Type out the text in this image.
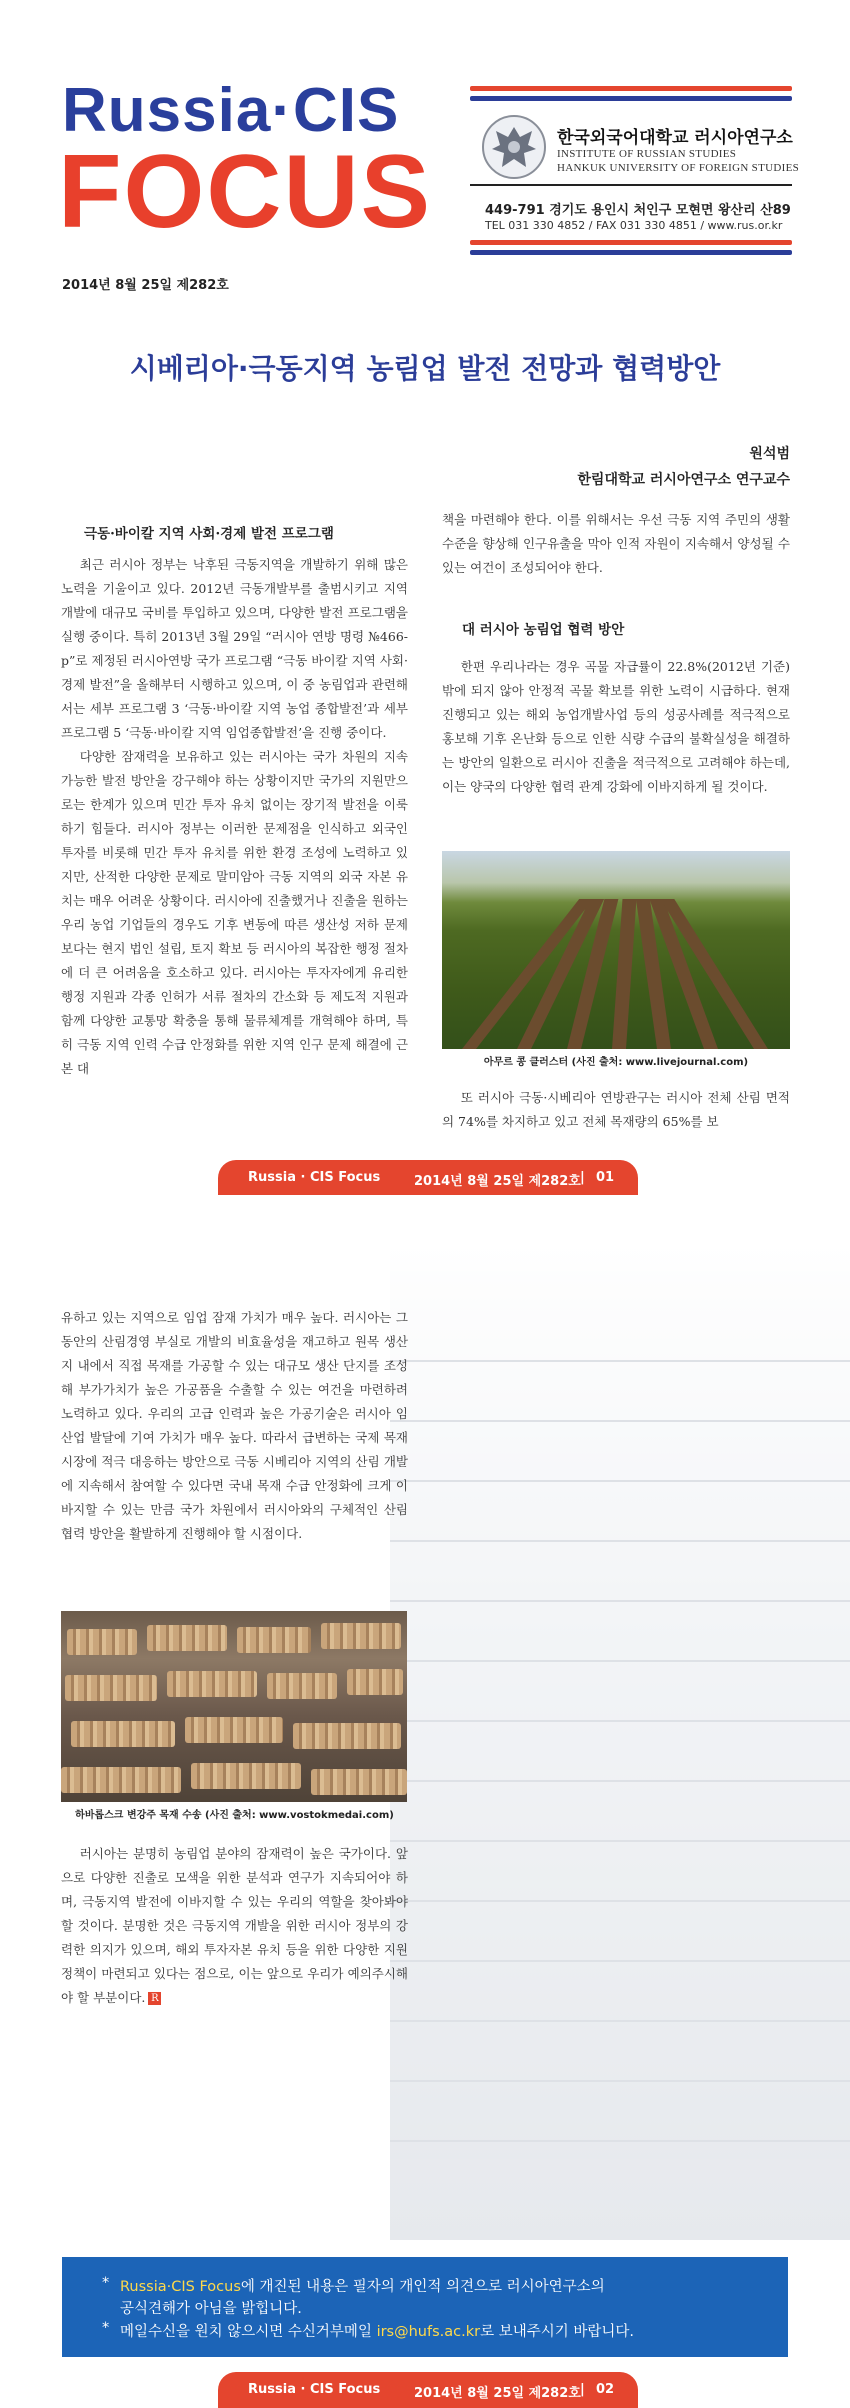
Russia·CIS
FOCUS
2014년 8월 25일 제282호
한국외국어대학교 러시아연구소
INSTITUTE OF RUSSIAN STUDIES
HANKUK UNIVERSITY OF FOREIGN STUDIES
449-791 경기도 용인시 처인구 모현면 왕산리 산89
TEL 031 330 4852 / FAX 031 330 4851 / www.rus.or.kr
시베리아·극동지역 농림업 발전 전망과 협력방안
원석범
한림대학교 러시아연구소 연구교수
극동·바이칼 지역 사회·경제 발전 프로그램

최근 러시아 정부는 낙후된 극동지역을 개발하기 위해 많은 노력을 기울이고 있다. 2012년 극동개발부를 출범시키고 지역 개발에 대규모 국비를 투입하고 있으며, 다양한 발전 프로그램을 실행 중이다. 특히 2013년 3월 29일 “러시아 연방 명령 №466-р”로 제정된 러시아연방 국가 프로그램 “극동 바이칼 지역 사회·경제 발전”을 올해부터 시행하고 있으며, 이 중 농림업과 관련해서는 세부 프로그램 3 ‘극동·바이칼 지역 농업 종합발전’과 세부 프로그램 5 ‘극동·바이칼 지역 임업종합발전’을 진행 중이다.

다양한 잠재력을 보유하고 있는 러시아는 국가 차원의 지속 가능한 발전 방안을 강구해야 하는 상황이지만 국가의 지원만으로는 한계가 있으며 민간 투자 유치 없이는 장기적 발전을 이룩하기 힘들다. 러시아 정부는 이러한 문제점을 인식하고 외국인 투자를 비롯해 민간 투자 유치를 위한 환경 조성에 노력하고 있지만, 산적한 다양한 문제로 말미암아 극동 지역의 외국 자본 유치는 매우 어려운 상황이다. 러시아에 진출했거나 진출을 원하는 우리 농업 기업들의 경우도 기후 변동에 따른 생산성 저하 문제보다는 현지 법인 설립, 토지 확보 등 러시아의 복잡한 행정 절차에 더 큰 어려움을 호소하고 있다. 러시아는 투자자에게 유리한 행정 지원과 각종 인허가 서류 절차의 간소화 등 제도적 지원과 함께 다양한 교통망 확충을 통해 물류체계를 개혁해야 하며, 특히 극동 지역 인력 수급 안정화를 위한 지역 인구 문제 해결에 근본 대

책을 마련해야 한다. 이를 위해서는 우선 극동 지역 주민의 생활 수준을 향상해 인구유출을 막아 인적 자원이 지속해서 양성될 수 있는 여건이 조성되어야 한다.

대 러시아 농림업 협력 방안

한편 우리나라는 경우 곡물 자급률이 22.8%(2012년 기준)밖에 되지 않아 안정적 곡물 확보를 위한 노력이 시급하다. 현재 진행되고 있는 해외 농업개발사업 등의 성공사례를 적극적으로 홍보해 기후 온난화 등으로 인한 식량 수급의 불확실성을 해결하는 방안의 일환으로 러시아 진출을 적극적으로 고려해야 하는데, 이는 양국의 다양한 협력 관계 강화에 이바지하게 될 것이다.

아무르 콩 클러스터 (사진 출처: www.livejournal.com)

또 러시아 극동·시베리아 연방관구는 러시아 전체 산림 면적의 74%를 차지하고 있고 전체 목재량의 65%를 보

Russia · CIS Focus	2014년 8월 25일 제282호 | 01

유하고 있는 지역으로 임업 잠재 가치가 매우 높다. 러시아는 그동안의 산림경영 부실로 개발의 비효율성을 재고하고 원목 생산지 내에서 직접 목재를 가공할 수 있는 대규모 생산 단지를 조성해 부가가치가 높은 가공품을 수출할 수 있는 여건을 마련하려 노력하고 있다. 우리의 고급 인력과 높은 가공기술은 러시아 임산업 발달에 기여 가치가 매우 높다. 따라서 급변하는 국제 목재시장에 적극 대응하는 방안으로 극동 시베리아 지역의 산림 개발에 지속해서 참여할 수 있다면 국내 목재 수급 안정화에 크게 이바지할 수 있는 만큼 국가 차원에서 러시아와의 구체적인 산림 협력 방안을 활발하게 진행해야 할 시점이다.

하바롭스크 변강주 목재 수송 (사진 출처: www.vostokmedai.com)

러시아는 분명히 농림업 분야의 잠재력이 높은 국가이다. 앞으로 다양한 진출로 모색을 위한 분석과 연구가 지속되어야 하며, 극동지역 발전에 이바지할 수 있는 우리의 역할을 찾아봐야 할 것이다. 분명한 것은 극동지역 개발을 위한 러시아 정부의 강력한 의지가 있으며, 해외 투자자본 유치 등을 위한 다양한 지원정책이 마련되고 있다는 점으로, 이는 앞으로 우리가 예의주시해야 할 부분이다. R

* Russia·CIS Focus에 개진된 내용은 필자의 개인적 의견으로 러시아연구소의
공식견해가 아님을 밝힙니다.
* 메일수신을 원치 않으시면 수신거부메일 irs@hufs.ac.kr로 보내주시기 바랍니다.
Russia · CIS Focus	2014년 8월 25일 제282호 | 02
